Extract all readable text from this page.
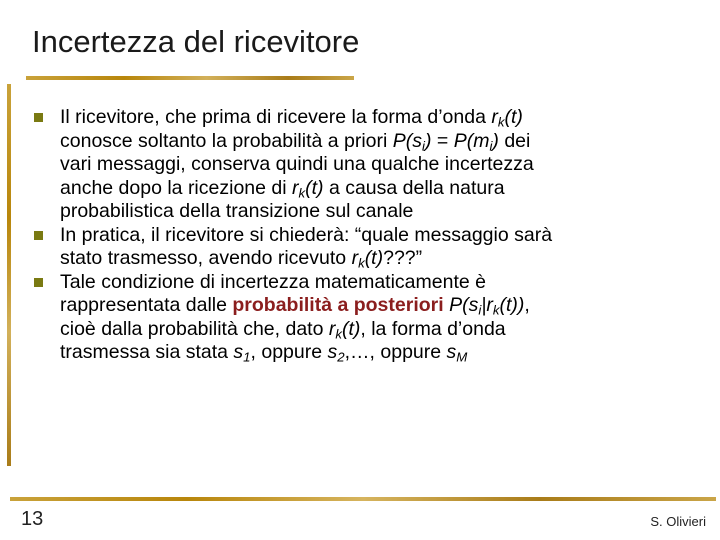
Incertezza del ricevitore
Il ricevitore, che prima di ricevere la forma d’onda $r_k(t)$
conosce soltanto la probabilità a priori $P(s_i) = P(m_i)$ dei
vari messaggi, conserva quindi una qualche incertezza
anche dopo la ricezione di $r_k(t)$ a causa della natura
probabilistica della transizione sul canale
In pratica, il ricevitore si chiederà: “quale messaggio sarà
stato trasmesso, avendo ricevuto $r_k(t)$???”
Tale condizione di incertezza matematicamente è
rappresentata dalle probabilità a posteriori $P(s_i|r_k(t))$,
cioè dalla probabilità che, dato $r_k(t)$, la forma d’onda
trasmessa sia stata $s_1$, oppure $s_2,\dots$, oppure $s_M$
13	S. Olivieri
